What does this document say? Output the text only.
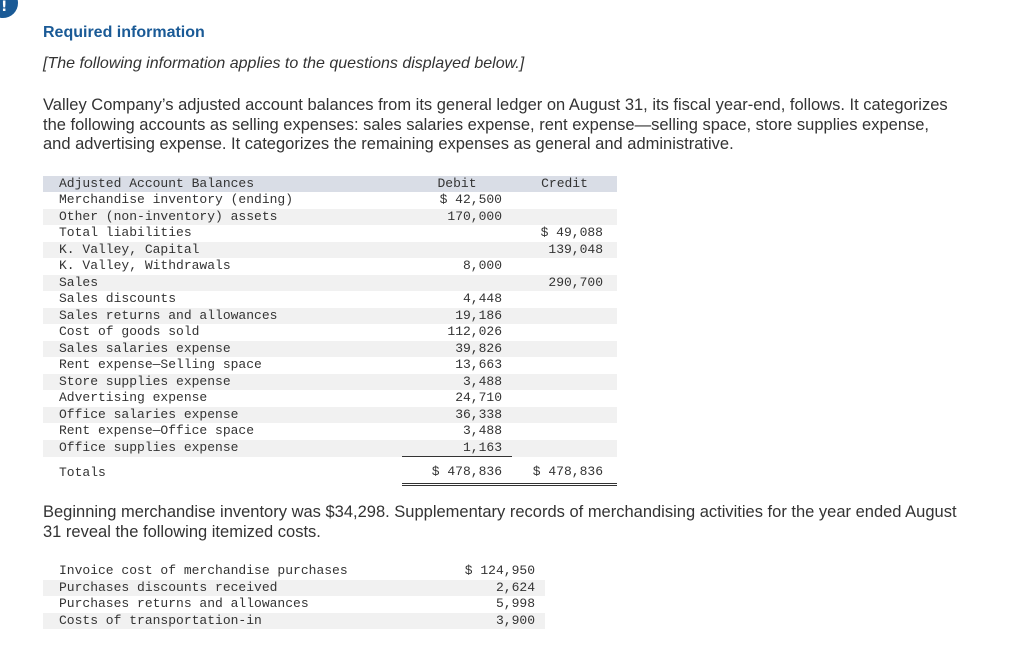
!
Required information
[The following information applies to the questions displayed below.]
Valley Company’s adjusted account balances from its general ledger on August 31, its fiscal year-end, follows. It categorizes the following accounts as selling expenses: sales salaries expense, rent expense—selling space, store supplies expense, and advertising expense. It categorizes the remaining expenses as general and administrative.
Adjusted Account Balances	Debit	Credit
Merchandise inventory (ending)	$ 42,500	
Other (non-inventory) assets	170,000	
Total liabilities		$ 49,088
K. Valley, Capital		139,048
K. Valley, Withdrawals	8,000	
Sales		290,700
Sales discounts	4,448	
Sales returns and allowances	19,186	
Cost of goods sold	112,026	
Sales salaries expense	39,826	
Rent expense—Selling space	13,663	
Store supplies expense	3,488	
Advertising expense	24,710	
Office salaries expense	36,338	
Rent expense—Office space	3,488	
Office supplies expense	1,163	
Totals	$ 478,836	$ 478,836
Beginning merchandise inventory was $34,298. Supplementary records of merchandising activities for the year ended August 31 reveal the following itemized costs.
Invoice cost of merchandise purchases	$ 124,950
Purchases discounts received	2,624
Purchases returns and allowances	5,998
Costs of transportation-in	3,900
